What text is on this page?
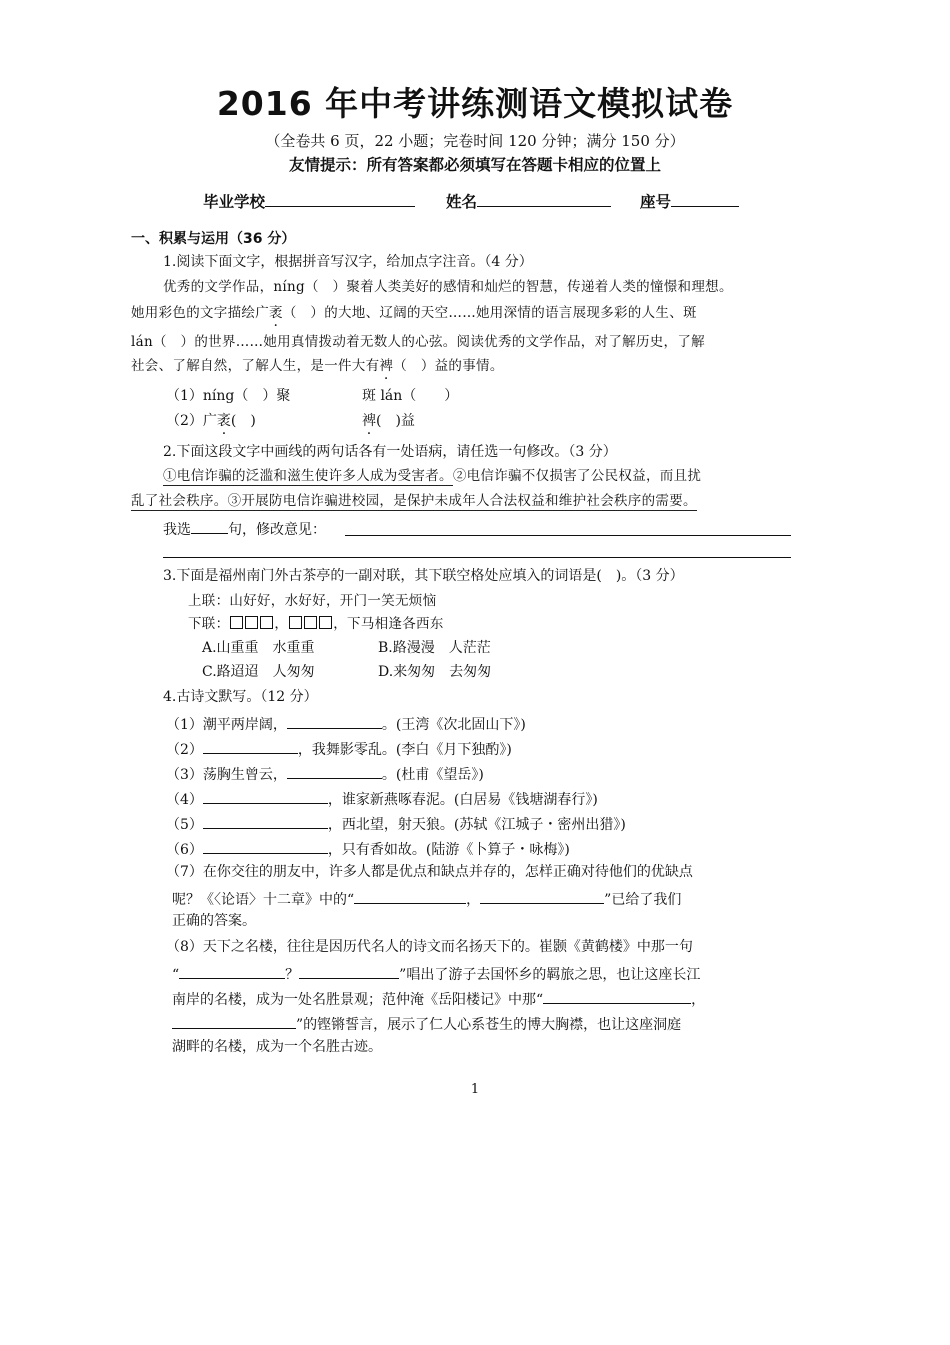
2016 年中考讲练测语文模拟试卷
（全卷共 6 页，22 小题；完卷时间 120 分钟；满分 150 分）
友情提示：所有答案都必须填写在答题卡相应的位置上
毕业学校	姓名	座号
一、积累与运用（36 分）
1.阅读下面文字，根据拼音写汉字，给加点字注音。（4 分）
优秀的文学作品，níng（　）聚着人类美好的感情和灿烂的智慧，传递着人类的憧憬和理想。
她用彩色的文字描绘广袤（　）的大地、辽阔的天空……她用深情的语言展现多彩的人生、斑
lán（　）的世界……她用真情拨动着无数人的心弦。阅读优秀的文学作品，对了解历史，了解
社会、了解自然，了解人生，是一件大有裨（　）益的事情。
（1）níng（　）聚	斑 lán（　　）
（2）广袤(　)	裨(　)益
2.下面这段文字中画线的两句话各有一处语病，请任选一句修改。（3 分）
①电信诈骗的泛滥和滋生使许多人成为受害者。②电信诈骗不仅损害了公民权益，而且扰
乱了社会秩序。③开展防电信诈骗进校园，是保护未成年人合法权益和维护社会秩序的需要。
我选	句，修改意见：
3.下面是福州南门外古茶亭的一副对联，其下联空格处应填入的词语是(　)。（3 分）
上联：山好好，水好好，开门一笑无烦恼
下联：	，	，下马相逢各西东
A.山重重　水重重	B.路漫漫　人茫茫
C.路迢迢　人匆匆	D.来匆匆　去匆匆
4.古诗文默写。（12 分）
（1）潮平两岸阔，	。(王湾《次北固山下》)
（2）	，我舞影零乱。(李白《月下独酌》)
（3）荡胸生曾云，	。(杜甫《望岳》)
（4）	，谁家新燕啄春泥。(白居易《钱塘湖春行》)
（5）	，西北望，射天狼。(苏轼《江城子・密州出猎》)
（6）	，只有香如故。(陆游《卜算子・咏梅》)
（7）在你交往的朋友中，许多人都是优点和缺点并存的，怎样正确对待他们的优缺点
呢？《〈论语〉十二章》中的“	，	”已给了我们
正确的答案。
（8）天下之名楼，往往是因历代名人的诗文而名扬天下的。崔颢《黄鹤楼》中那一句
“	？	”唱出了游子去国怀乡的羁旅之思，也让这座长江
南岸的名楼，成为一处名胜景观；范仲淹《岳阳楼记》中那“	，
”的铿锵誓言，展示了仁人心系苍生的博大胸襟，也让这座洞庭
湖畔的名楼，成为一个名胜古迹。
1
